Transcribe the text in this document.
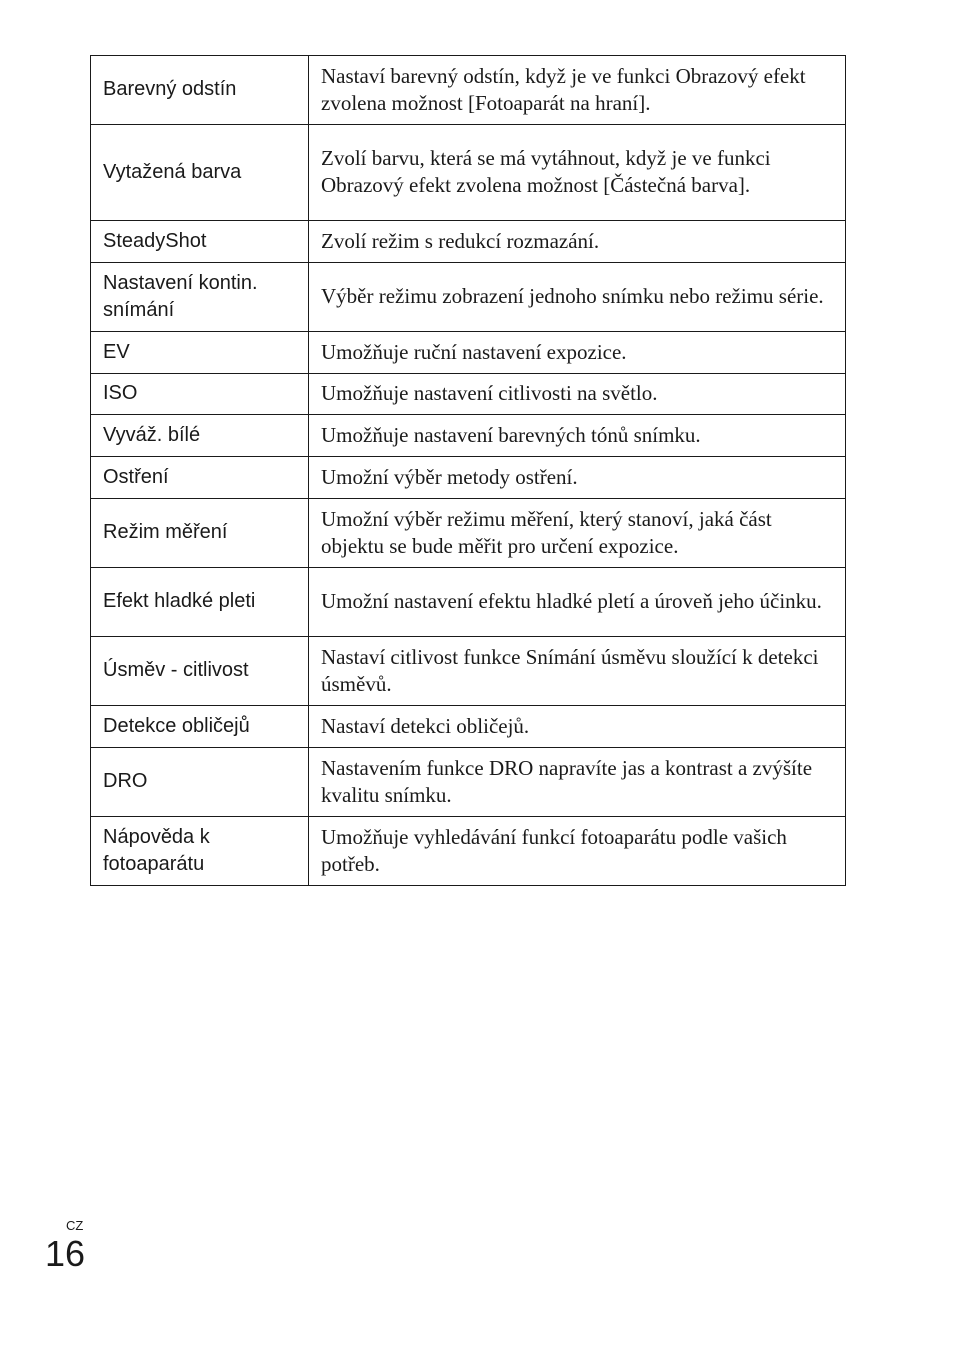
Barevný odstín	Nastaví barevný odstín, když je ve funkci Obrazový efekt zvolena možnost [Fotoaparát na hraní].
Vytažená barva	Zvolí barvu, která se má vytáhnout, když je ve funkci Obrazový efekt zvolena možnost [Částečná barva].
SteadyShot	Zvolí režim s redukcí rozmazání.
Nastavení kontin. snímání	Výběr režimu zobrazení jednoho snímku nebo režimu série.
EV	Umožňuje ruční nastavení expozice.
ISO	Umožňuje nastavení citlivosti na světlo.
Vyváž. bílé	Umožňuje nastavení barevných tónů snímku.
Ostření	Umožní výběr metody ostření.
Režim měření	Umožní výběr režimu měření, který stanoví, jaká část objektu se bude měřit pro určení expozice.
Efekt hladké pleti	Umožní nastavení efektu hladké pletí a úroveň jeho účinku.
Úsměv - citlivost	Nastaví citlivost funkce Snímání úsměvu sloužící k detekci úsměvů.
Detekce obličejů	Nastaví detekci obličejů.
DRO	Nastavením funkce DRO napravíte jas a kontrast a zvýšíte kvalitu snímku.
Nápověda k fotoaparátu	Umožňuje vyhledávání funkcí fotoaparátu podle vašich potřeb.
CZ
16
